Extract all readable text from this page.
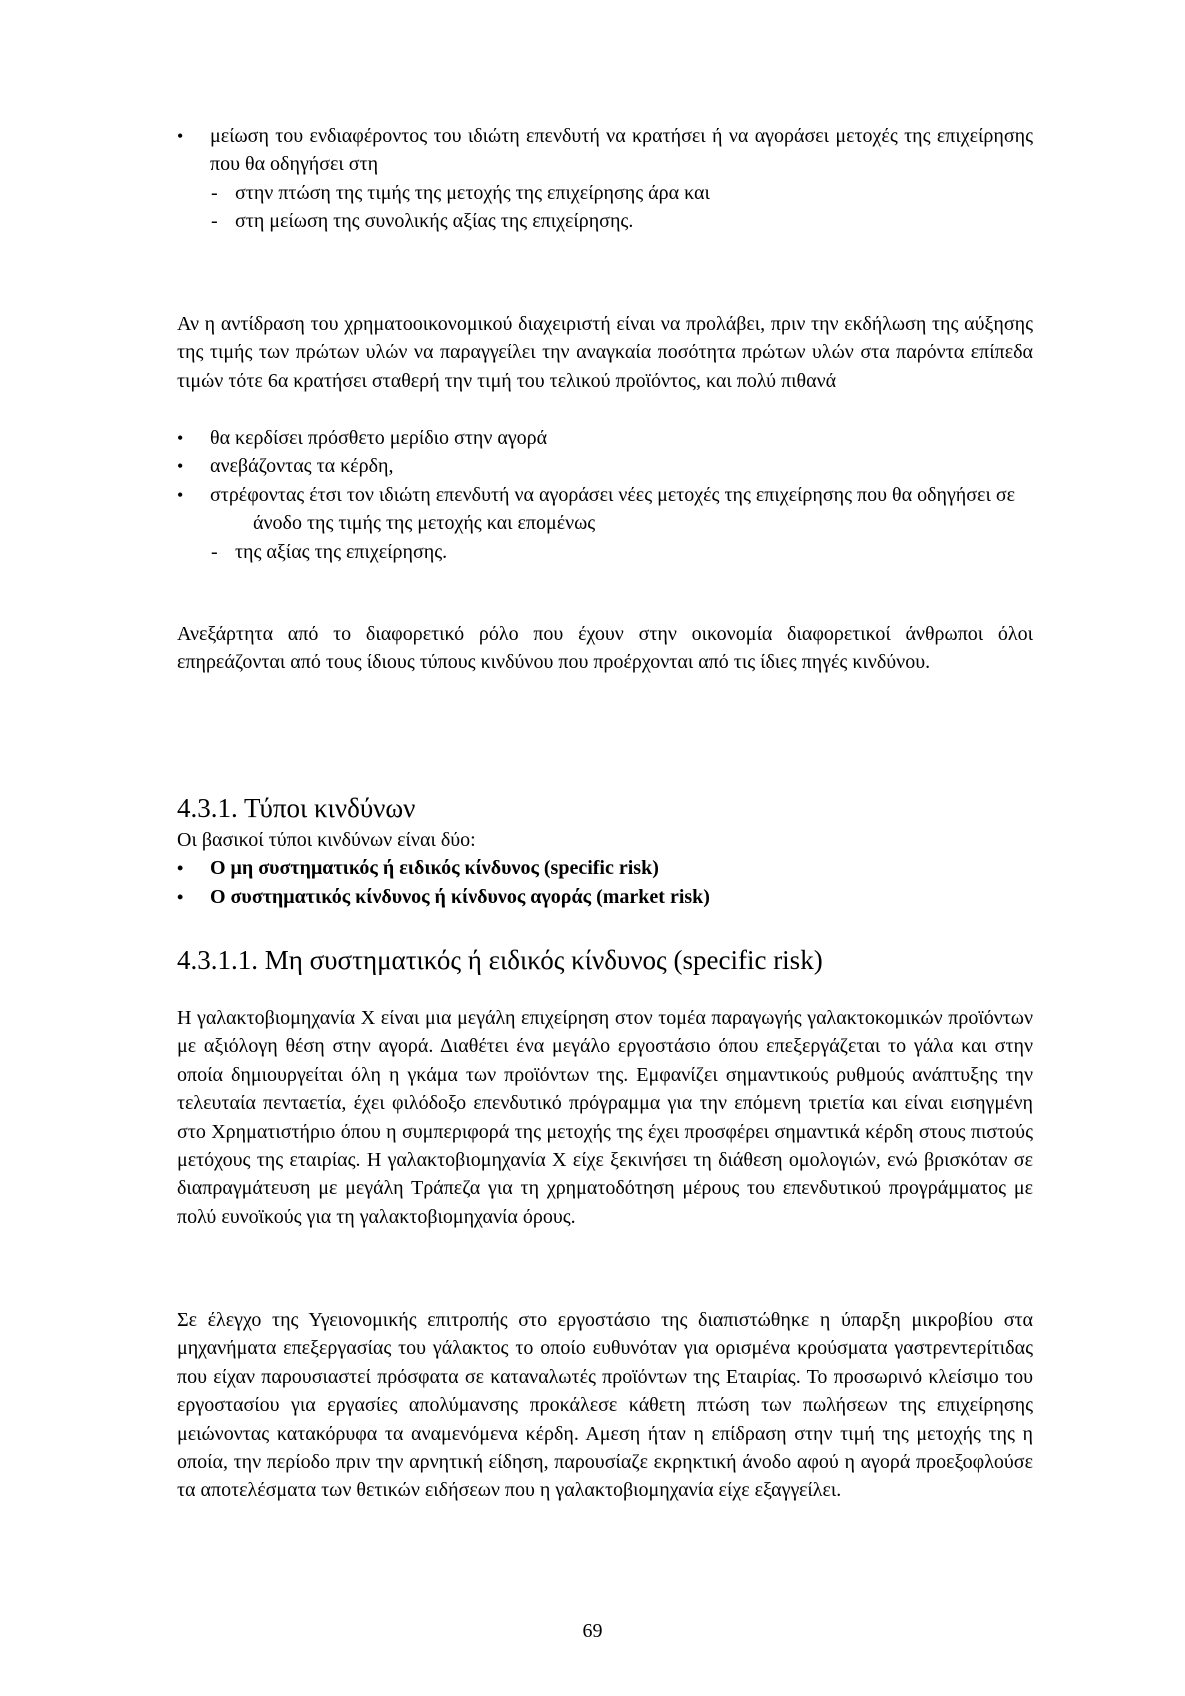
• μείωση του ενδιαφέροντος του ιδιώτη επενδυτή να κρατήσει ή να αγοράσει μετοχές της επιχείρησης που θα οδηγήσει στη

- στην πτώση της τιμής της μετοχής της επιχείρησης άρα και

- στη μείωση της συνολικής αξίας της επιχείρησης.

Αν η αντίδραση του χρηματοοικονομικού διαχειριστή είναι να προλάβει, πριν την εκδήλωση της αύξησης της τιμής των πρώτων υλών να παραγγείλει την αναγκαία ποσότητα πρώτων υλών στα παρόντα επίπεδα τιμών τότε 6α κρατήσει σταθερή την τιμή του τελικού προϊόντος, και πολύ πιθανά

• θα κερδίσει πρόσθετο μερίδιο στην αγορά

• ανεβάζοντας τα κέρδη,

• στρέφοντας έτσι τον ιδιώτη επενδυτή να αγοράσει νέες μετοχές της επιχείρησης που θα οδηγήσει σε

άνοδο της τιμής της μετοχής και επομένως

- της αξίας της επιχείρησης.

Ανεξάρτητα από το διαφορετικό ρόλο που έχουν στην οικονομία διαφορετικοί άνθρωποι όλοι επηρεάζονται από τους ίδιους τύπους κινδύνου που προέρχονται από τις ίδιες πηγές κινδύνου.

4.3.1. Τύποι κινδύνων

Οι βασικοί τύποι κινδύνων είναι δύο:

• Ο μη συστηματικός ή ειδικός κίνδυνος (specific risk)

• Ο συστηματικός κίνδυνος ή κίνδυνος αγοράς (market risk)

4.3.1.1. Μη συστηματικός ή ειδικός κίνδυνος (specific risk)

Η γαλακτοβιομηχανία Χ είναι μια μεγάλη επιχείρηση στον τομέα παραγωγής γαλακτοκομικών προϊόντων με αξιόλογη θέση στην αγορά. Διαθέτει ένα μεγάλο εργοστάσιο όπου επεξεργάζεται το γάλα και στην οποία δημιουργείται όλη η γκάμα των προϊόντων της. Εμφανίζει σημαντικούς ρυθμούς ανάπτυξης την τελευταία πενταετία, έχει φιλόδοξο επενδυτικό πρόγραμμα για την επόμενη τριετία και είναι εισηγμένη στο Χρηματιστήριο όπου η συμπεριφορά της μετοχής της έχει προσφέρει σημαντικά κέρδη στους πιστούς μετόχους της εταιρίας. Η γαλακτοβιομηχανία Χ είχε ξεκινήσει τη διάθεση ομολογιών, ενώ βρισκόταν σε διαπραγμάτευση με μεγάλη Τράπεζα για τη χρηματοδότηση μέρους του επενδυτικού προγράμματος με πολύ ευνοϊκούς για τη γαλακτοβιομηχανία όρους.

Σε έλεγχο της Υγειονομικής επιτροπής στο εργοστάσιο της διαπιστώθηκε η ύπαρξη μικροβίου στα μηχανήματα επεξεργασίας του γάλακτος το οποίο ευθυνόταν για ορισμένα κρούσματα γαστρεντερίτιδας που είχαν παρουσιαστεί πρόσφατα σε καταναλωτές προϊόντων της Εταιρίας. Το προσωρινό κλείσιμο του εργοστασίου για εργασίες απολύμανσης προκάλεσε κάθετη πτώση των πωλήσεων της επιχείρησης μειώνοντας κατακόρυφα τα αναμενόμενα κέρδη. Αμεση ήταν η επίδραση στην τιμή της μετοχής της η οποία, την περίοδο πριν την αρνητική είδηση, παρουσίαζε εκρηκτική άνοδο αφού η αγορά προεξοφλούσε τα αποτελέσματα των θετικών ειδήσεων που η γαλακτοβιομηχανία είχε εξαγγείλει.

69
